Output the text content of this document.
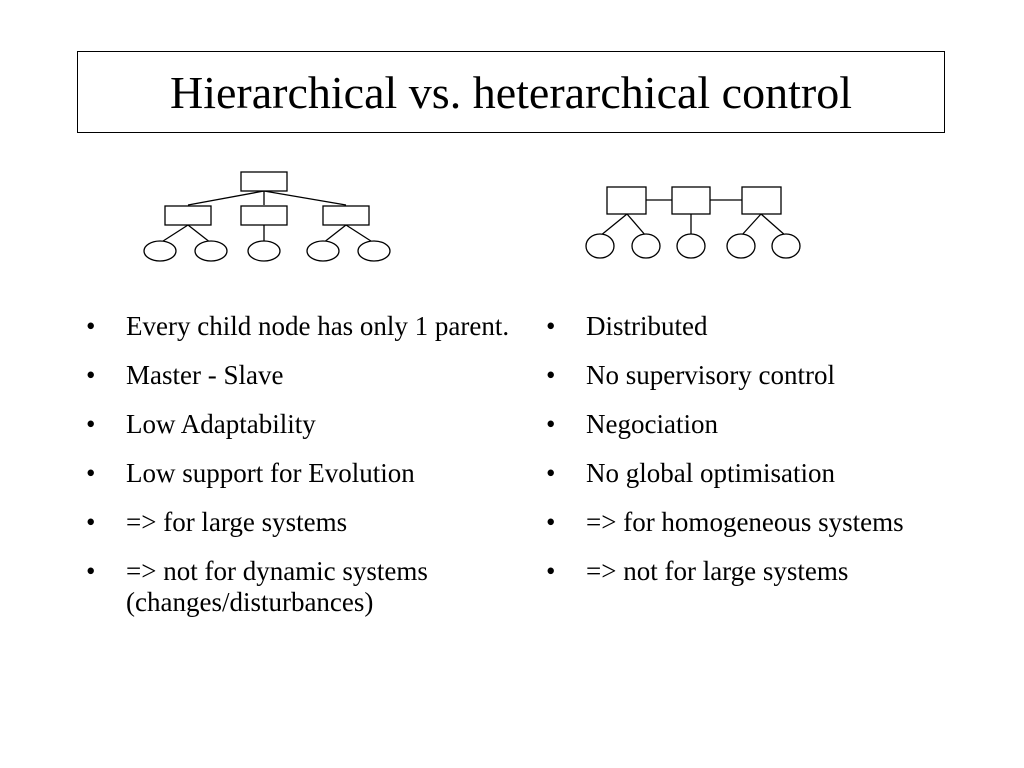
Hierarchical vs. heterarchical control
• Every child node has only 1 parent.
• Master - Slave
• Low Adaptability
• Low support for Evolution
• => for large systems
• => not for dynamic systems (changes/disturbances)
• Distributed
• No supervisory control
• Negociation
• No global optimisation
• => for homogeneous systems
• => not for large systems
